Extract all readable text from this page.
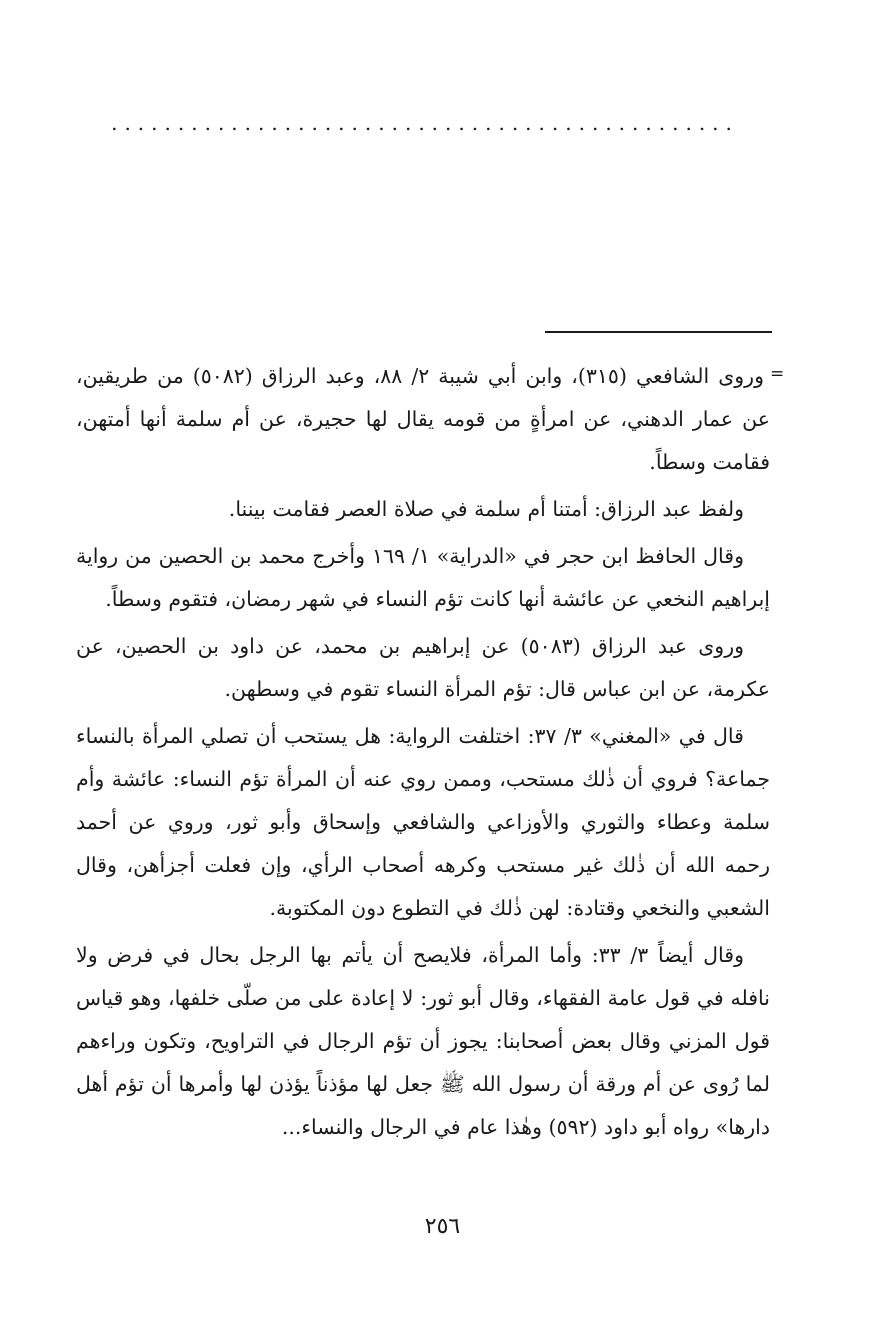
...............................................
=

وروى الشافعي (٣١٥)، وابن أبي شيبة ٢/ ٨٨، وعبد الرزاق (٥٠٨٢) من طريقين، عن عمار الدهني، عن امرأةٍ من قومه يقال لها حجيرة، عن أم سلمة أنها أمتهن، فقامت وسطاً.

ولفظ عبد الرزاق: أمتنا أم سلمة في صلاة العصر فقامت بيننا.

وقال الحافظ ابن حجر في «الدراية» ١/ ١٦٩ وأخرج محمد بن الحصين من رواية إبراهيم النخعي عن عائشة أنها كانت تؤم النساء في شهر رمضان، فتقوم وسطاً.

وروى عبد الرزاق (٥٠٨٣) عن إبراهيم بن محمد، عن داود بن الحصين، عن عكرمة، عن ابن عباس قال: تؤم المرأة النساء تقوم في وسطهن.

قال في «المغني» ٣/ ٣٧: اختلفت الرواية: هل يستحب أن تصلي المرأة بالنساء جماعة؟ فروي أن ذٰلك مستحب، وممن روي عنه أن المرأة تؤم النساء: عائشة وأم سلمة وعطاء والثوري والأوزاعي والشافعي وإسحاق وأبو ثور، وروي عن أحمد رحمه الله أن ذٰلك غير مستحب وكرهه أصحاب الرأي، وإن فعلت أجزأهن، وقال الشعبي والنخعي وقتادة: لهن ذٰلك في التطوع دون المكتوبة.

وقال أيضاً ٣/ ٣٣: وأما المرأة، فلايصح أن يأتم بها الرجل بحال في فرض ولا نافله في قول عامة الفقهاء، وقال أبو ثور: لا إعادة على من صلّى خلفها، وهو قياس قول المزني وقال بعض أصحابنا: يجوز أن تؤم الرجال في التراويح، وتكون وراءهم لما رُوى عن أم ورقة أن رسول الله ﷺ جعل لها مؤذناً يؤذن لها وأمرها أن تؤم أهل دارها» رواه أبو داود (٥٩٢) وهٰذا عام في الرجال والنساء...

٢٥٦
